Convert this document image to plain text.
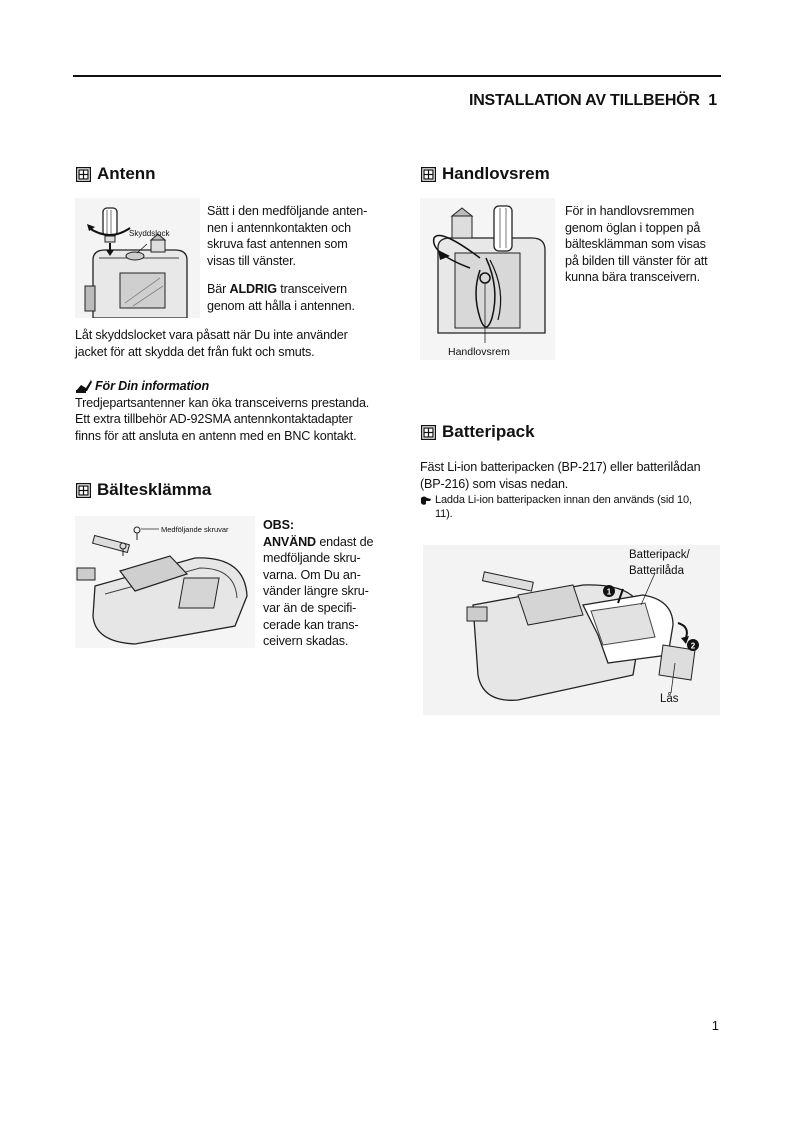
INSTALLATION AV TILLBEHÖR 1
Antenn
Skyddslock
Sätt i den medföljande anten-
nen i antennkontakten och
skruva fast antennen som
visas till vänster.
Bär ALDRIG transceivern
genom att hålla i antennen.
Låt skyddslocket vara påsatt när Du inte använder
jacket för att skydda det från fukt och smuts.
För Din information
Tredjepartsantenner kan öka transceiverns prestanda.
Ett extra tillbehör AD-92SMA antennkontaktadapter
finns för att ansluta en antenn med en BNC kontakt.
Bältesklämma
Medföljande skruvar	OBS:
ANVÄND endast de
medföljande skru-
varna. Om Du an-
vänder längre skru-
var än de specifi-
cerade kan trans-
ceivern skadas.
Handlovsrem
Handlovsrem
För in handlovsremmen
genom öglan i toppen på
bältesklämman som visas
på bilden till vänster för att
kunna bära transceivern.
Batteripack
Fäst Li-ion batteripacken (BP-217) eller batterilådan
(BP-216) som visas nedan.
Ladda Li-ion batteripacken innan den används (sid 10,
11).
1
2
Batteripack/
Batterilåda
Lås
1
